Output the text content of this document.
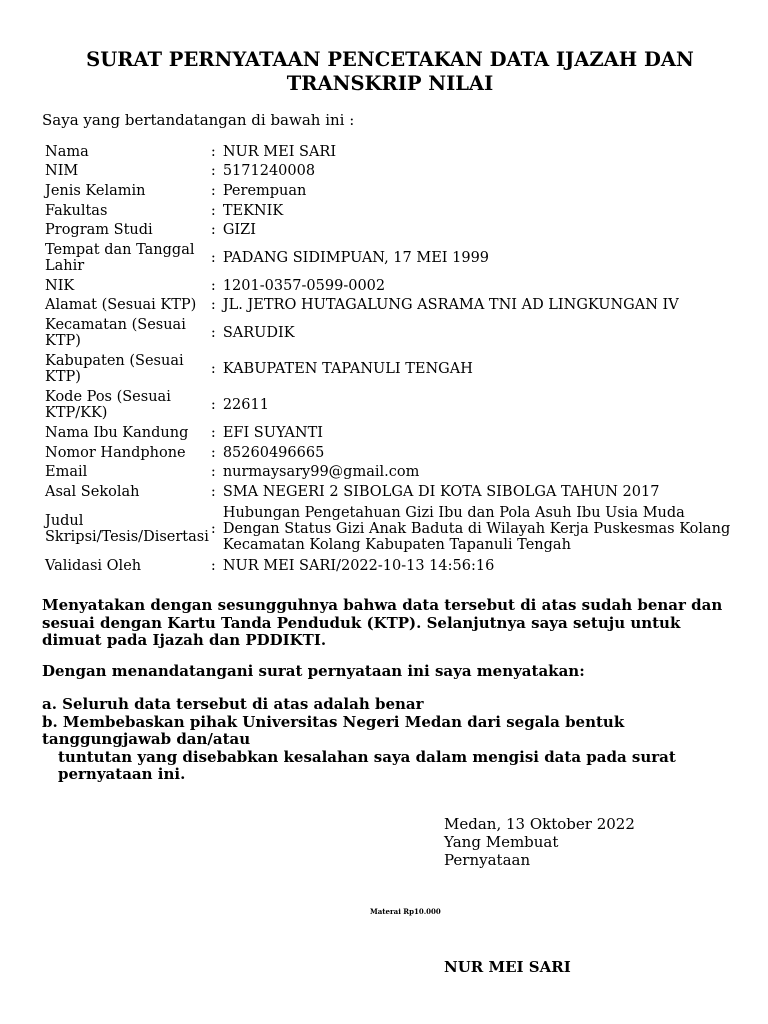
SURAT PERNYATAAN PENCETAKAN DATA IJAZAH DAN
TRANSKRIP NILAI
Saya yang bertandatangan di bawah ini :
Nama	: NUR MEI SARI
NIM	: 5171240008
Jenis Kelamin	: Perempuan
Fakultas	: TEKNIK
Program Studi	: GIZI
Tempat dan Tanggal Lahir	: PADANG SIDIMPUAN, 17 MEI 1999
NIK	: 1201-0357-0599-0002
Alamat (Sesuai KTP)	: JL. JETRO HUTAGALUNG ASRAMA TNI AD LINGKUNGAN IV
Kecamatan (Sesuai KTP)	: SARUDIK
Kabupaten (Sesuai KTP)	: KABUPATEN TAPANULI TENGAH
Kode Pos (Sesuai KTP/KK)	: 22611
Nama Ibu Kandung	: EFI SUYANTI
Nomor Handphone	: 85260496665
Email	: nurmaysary99@gmail.com
Asal Sekolah	: SMA NEGERI 2 SIBOLGA DI KOTA SIBOLGA TAHUN 2017
Judul Skripsi/Tesis/Disertasi	:
Hubungan Pengetahuan Gizi Ibu dan Pola Asuh Ibu Usia Muda Dengan Status Gizi Anak Baduta di Wilayah Kerja Puskesmas Kolang Kecamatan Kolang Kabupaten Tapanuli Tengah

Validasi Oleh	: NUR MEI SARI/2022-10-13 14:56:16
Menyatakan dengan sesungguhnya bahwa data tersebut di atas sudah benar dan sesuai dengan Kartu Tanda Penduduk (KTP). Selanjutnya saya setuju untuk dimuat pada Ijazah dan PDDIKTI.
Dengan menandatangani surat pernyataan ini saya menyatakan:
a. Seluruh data tersebut di atas adalah benar
b. Membebaskan pihak Universitas Negeri Medan dari segala bentuk tanggungjawab dan/atau
tuntutan yang disebabkan kesalahan saya dalam mengisi data pada surat pernyataan ini.
Medan, 13 Oktober 2022
Yang Membuat
Pernyataan
Materai Rp10.000
NUR MEI SARI
